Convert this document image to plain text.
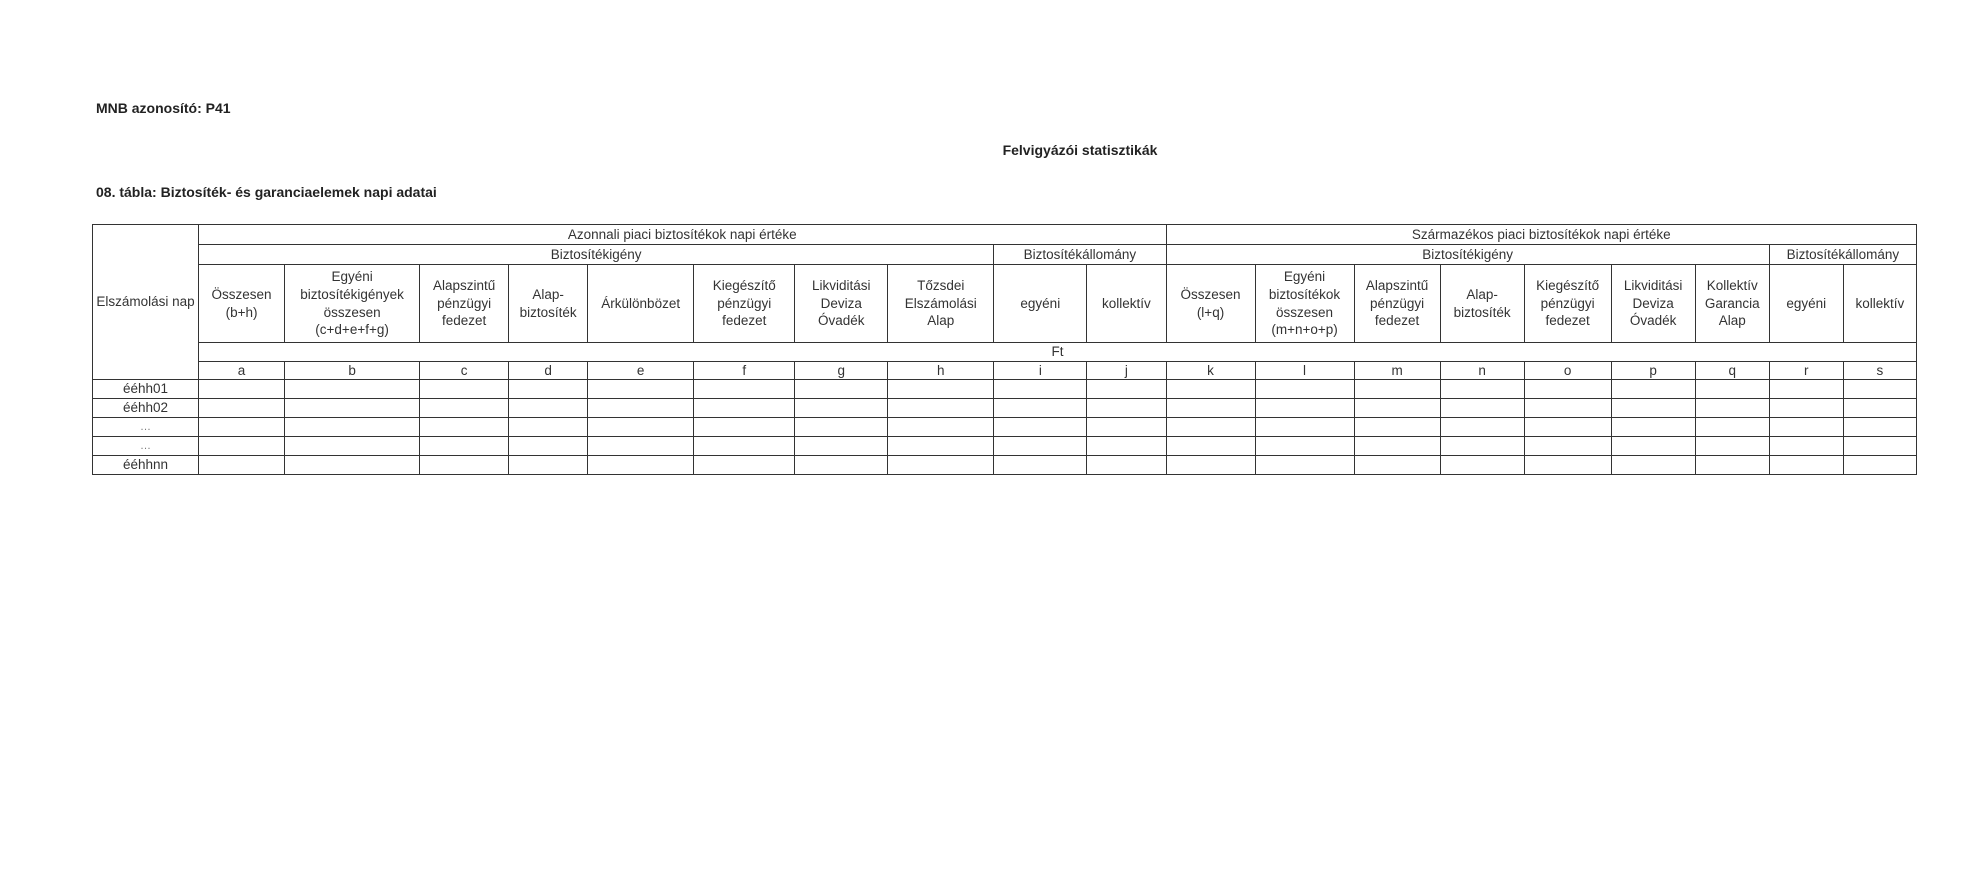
MNB azonosító: P41
Felvigyázói statisztikák
08. tábla: Biztosíték- és garanciaelemek napi adatai
Elszámolási nap	Azonnali piaci biztosítékok napi értéke										Származékos piaci biztosítékok napi értéke								
	Biztosítékigény								Biztosítékállomány		Biztosítékigény							Biztosítékállomány	
	Összesen (b+h)	Egyéni biztosítékigények összesen (c+d+e+f+g)	Alapszintű pénzügyi fedezet	Alap-biztosíték	Árkülönbözet	Kiegészítő pénzügyi fedezet	Likviditási Deviza Óvadék	Tőzsdei Elszámolási Alap	egyéni	kollektív	Összesen (l+q)	Egyéni biztosítékok összesen (m+n+o+p)	Alapszintű pénzügyi fedezet	Alap-biztosíték	Kiegészítő pénzügyi fedezet	Likviditási Deviza Óvadék	Kollektív Garancia Alap	egyéni	kollektív
	Ft																		
	a	b	c	d	e	f	g	h	i	j	k	l	m	n	o	p	q	r	s
ééhh01																			
ééhh02																			
…																			
…																			
ééhhnn																			
